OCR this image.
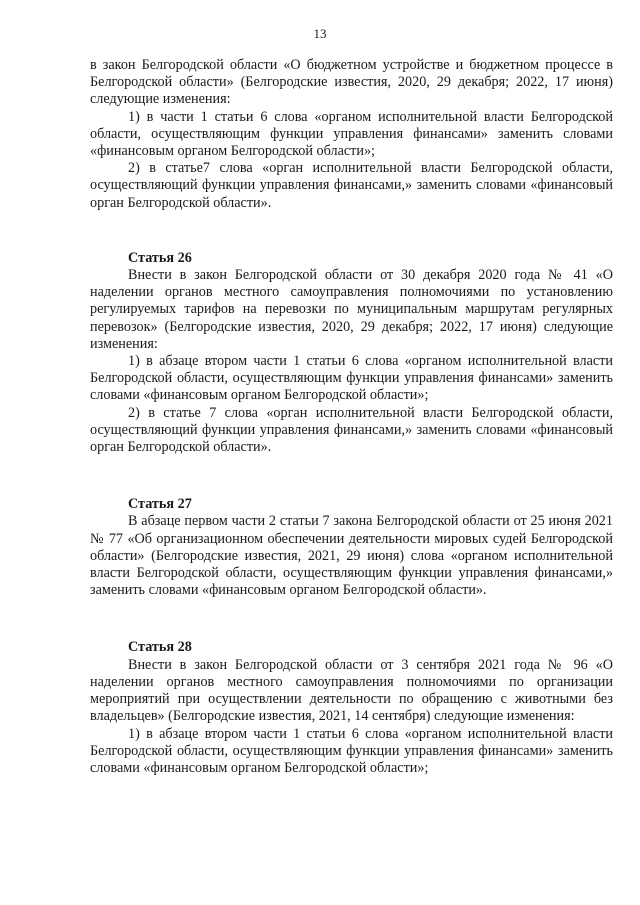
13

в закон Белгородской области «О бюджетном устройстве и бюджетном процессе в Белгородской области» (Белгородские известия, 2020, 29 декабря; 2022, 17 июня) следующие изменения:

1) в части 1 статьи 6 слова «органом исполнительной власти Белгородской области, осуществляющим функции управления финансами» заменить словами «финансовым органом Белгородской области»;

2) в статье7 слова «орган исполнительной власти Белгородской области, осуществляющий функции управления финансами,» заменить словами «финансовый орган Белгородской области».

Статья 26

Внести в закон Белгородской области от 30 декабря 2020 года № 41 «О наделении органов местного самоуправления полномочиями по установлению регулируемых тарифов на перевозки по муниципальным маршрутам регулярных перевозок» (Белгородские известия, 2020, 29 декабря; 2022, 17 июня) следующие изменения:

1) в абзаце втором части 1 статьи 6 слова «органом исполнительной власти Белгородской области, осуществляющим функции управления финансами» заменить словами «финансовым органом Белгородской области»;

2) в статье 7 слова «орган исполнительной власти Белгородской области, осуществляющий функции управления финансами,» заменить словами «финансовый орган Белгородской области».

Статья 27

В абзаце первом части 2 статьи 7 закона Белгородской области от 25 июня 2021 № 77 «Об организационном обеспечении деятельности мировых судей Белгородской области» (Белгородские известия, 2021, 29 июня) слова «органом исполнительной власти Белгородской области, осуществляющим функции управления финансами,» заменить словами «финансовым органом Белгородской области».

Статья 28

Внести в закон Белгородской области от 3 сентября 2021 года № 96 «О наделении органов местного самоуправления полномочиями по организации мероприятий при осуществлении деятельности по обращению с животными без владельцев» (Белгородские известия, 2021, 14 сентября) следующие изменения:

1) в абзаце втором части 1 статьи 6 слова «органом исполнительной власти Белгородской области, осуществляющим функции управления финансами» заменить словами «финансовым органом Белгородской области»;
